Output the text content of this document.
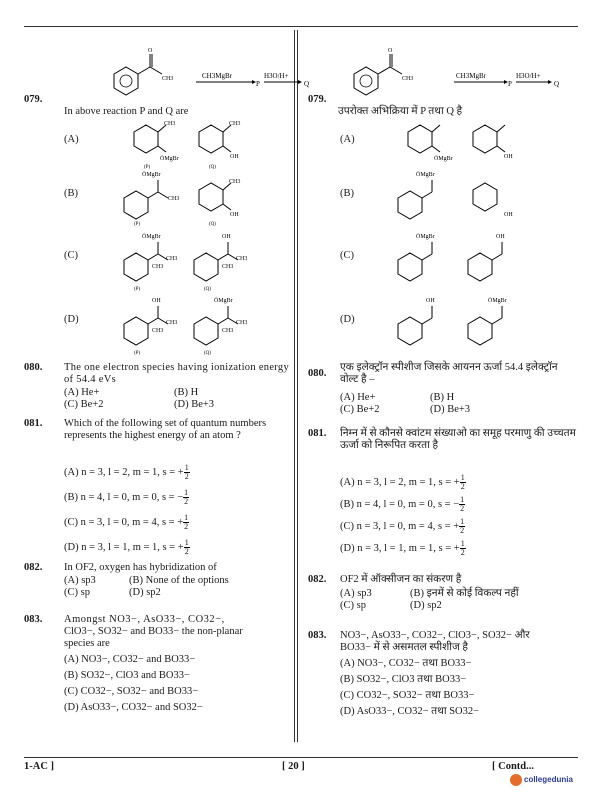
079.
O
CH3	CH3MgBr
P
H3O/H+
Q
In above reaction P and Q are
(A)
CH3
ŌMgBr
CH3
OH
(P)	(Q)
(B)
ŌMgBr
CH3
CH3
OH
(P)	(Q)
(C)
ŌMgBr
CH3
CH3
OH
CH3
CH3
(P)	(Q)
(D)
OH
CH3
CH3
ŌMgBr
CH3
CH3
(P)	(Q)
080. The one electron species having ionization energy of 54.4 eVs
(A) He+	(B) H
(C) Be+2	(D) Be+3
081. Which of the following set of quantum numbers represents the highest energy of an atom ?
(A) n = 3, l = 2, m = 1, s = + $\frac{1}{2}$
(B) n = 4, l = 0, m = 0, s = − $\frac{1}{2}$
(C) n = 3, l = 0, m = 4, s = + $\frac{1}{2}$
(D) n = 3, l = 1, m = 1, s = + $\frac{1}{2}$
082. In OF2, oxygen has hybridization of
(A) sp3	(B) None of the options
(C) sp	(D) sp2
083. Amongst NO3−, AsO33−, CO32−,
ClO3−, SO32− and BO33− the non-planar
species are
(A) NO3−, CO32− and BO33−
(B) SO32−, ClO3 and BO33−
(C) CO32−, SO32− and BO33−
(D) AsO33−, CO32− and SO32−
079.
O
CH3	CH3MgBr
P
H3O/H+
Q
उपरोक्त अभिक्रिया में P तथा Q है
(A)
(B)
(C)
(D)
ŌMgBr	OH
ŌMgBr
OH
ŌMgBr	OH
OH	ŌMgBr
080.
एक इलेक्ट्रॉन स्पीशीज जिसके आयनन ऊर्जा 54.4 इलेक्ट्रॉन वोल्ट है –
(A) He+	(B) H
(C) Be+2	(D) Be+3
081. निम्न में से कौनसे क्वांटम संख्याओ का समूह परमाणु की उच्चतम ऊर्जा को निरूपित करता है
(A) n = 3, l = 2, m = 1, s = + $\frac{1}{2}$
(B) n = 4, l = 0, m = 0, s = − $\frac{1}{2}$
(C) n = 3, l = 0, m = 4, s = + $\frac{1}{2}$
(D) n = 3, l = 1, m = 1, s = + $\frac{1}{2}$
082. OF2 में ऑक्सीजन का संकरण है
(A) sp3	(B) इनमें से कोई विकल्प नहीं
(C) sp	(D) sp2
083. NO3−, AsO33−, CO32−, ClO3−, SO32− और
BO33− में से असमतल स्पीशीज है
(A) NO3−, CO32− तथा BO33−
(B) SO32−, ClO3 तथा BO33−
(C) CO32−, SO32− तथा BO33−
(D) AsO33−, CO32− तथा SO32−
1-AC ]	[ 20 ]	[ Contd...
collegedunia
